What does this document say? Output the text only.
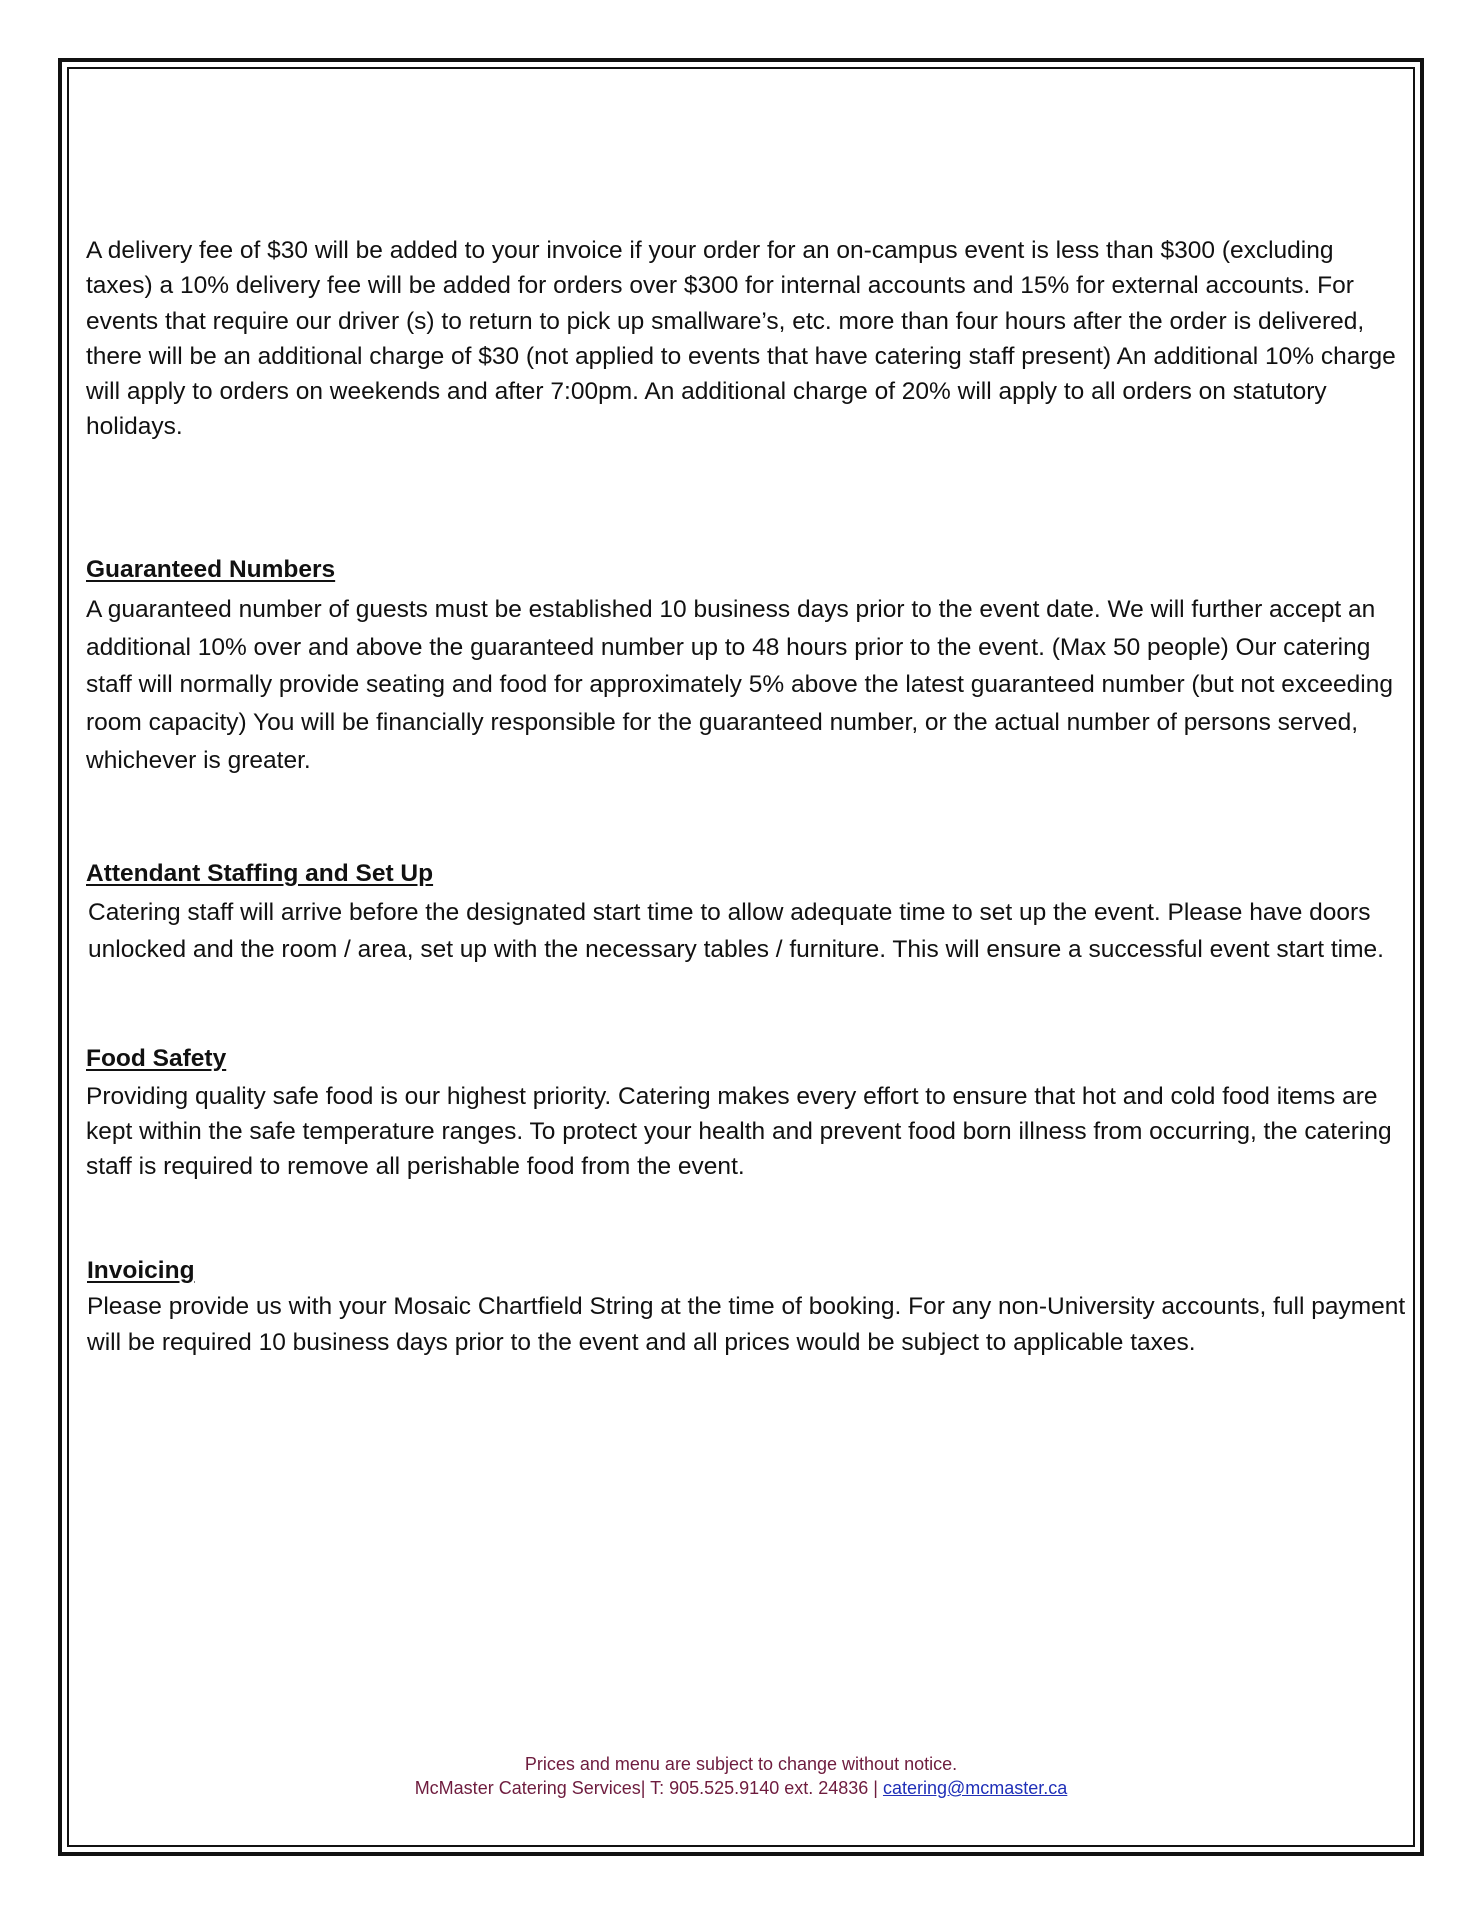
A delivery fee of $30 will be added to your invoice if your order for an on-campus event is less than $300 (excluding taxes) a 10% delivery fee will be added for orders over $300 for internal accounts and 15% for external accounts. For events that require our driver (s) to return to pick up smallware’s, etc. more than four hours after the order is delivered, there will be an additional charge of $30 (not applied to events that have catering staff present) An additional 10% charge will apply to orders on weekends and after 7:00pm. An additional charge of 20% will apply to all orders on statutory holidays.

Guaranteed Numbers

A guaranteed number of guests must be established 10 business days prior to the event date. We will further accept an additional 10% over and above the guaranteed number up to 48 hours prior to the event. (Max 50 people) Our catering staff will normally provide seating and food for approximately 5% above the latest guaranteed number (but not exceeding room capacity) You will be financially responsible for the guaranteed number, or the actual number of persons served, whichever is greater.

Attendant Staffing and Set Up

Catering staff will arrive before the designated start time to allow adequate time to set up the event. Please have doors unlocked and the room / area, set up with the necessary tables / furniture. This will ensure a successful event start time.

Food Safety

Providing quality safe food is our highest priority. Catering makes every effort to ensure that hot and cold food items are kept within the safe temperature ranges. To protect your health and prevent food born illness from occurring, the catering staff is required to remove all perishable food from the event.

Invoicing

Please provide us with your Mosaic Chartfield String at the time of booking. For any non-University accounts, full payment will be required 10 business days prior to the event and all prices would be subject to applicable taxes.

Prices and menu are subject to change without notice.

McMaster Catering Services| T: 905.525.9140 ext. 24836 | catering@mcmaster.ca
